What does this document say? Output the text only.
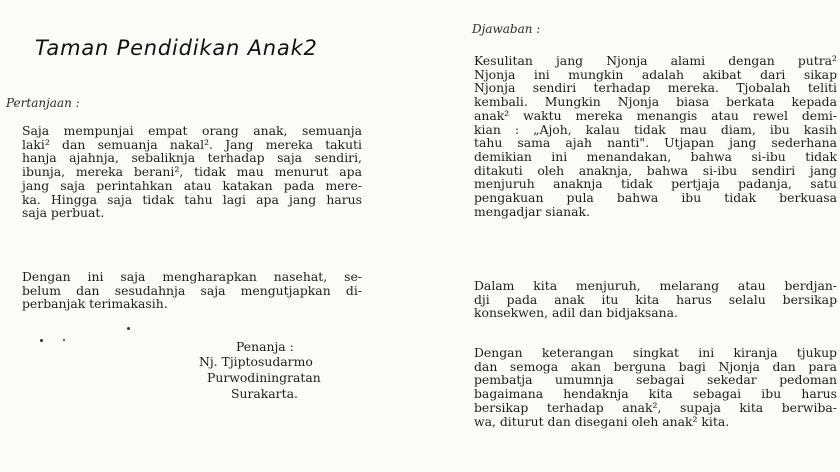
Taman Pendidikan Anak2
Pertanjaan :
Saja mempunjai empat orang anak, semuanja
laki² dan semuanja nakal². Jang mereka takuti
hanja ajahnja, sebaliknja terhadap saja sendiri,
ibunja, mereka berani², tidak mau menurut apa
jang saja perintahkan atau katakan pada mere-
ka. Hingga saja tidak tahu lagi apa jang harus
saja perbuat.
Dengan ini saja mengharapkan nasehat, se-
belum dan sesudahnja saja mengutjapkan di-
perbanjak terimakasih.
Penanja :
Nj. Tjiptosudarmo
Purwodiningratan
Surakarta.
Djawaban :
Kesulitan jang Njonja alami dengan putra²
Njonja ini mungkin adalah akibat dari sikap
Njonja sendiri terhadap mereka. Tjobalah teliti
kembali. Mungkin Njonja biasa berkata kepada
anak² waktu mereka menangis atau rewel demi-
kian : „Ajoh, kalau tidak mau diam, ibu kasih
tahu sama ajah nanti". Utjapan jang sederhana
demikian ini menandakan, bahwa si-ibu tidak
ditakuti oleh anaknja, bahwa si-ibu sendiri jang
menjuruh anaknja tidak pertjaja padanja, satu
pengakuan pula bahwa ibu tidak berkuasa
mengadjar sianak.
Dalam kita menjuruh, melarang atau berdjan-
dji pada anak itu kita harus selalu bersikap
konsekwen, adil dan bidjaksana.
Dengan keterangan singkat ini kiranja tjukup
dan semoga akan berguna bagi Njonja dan para
pembatja umumnja sebagai sekedar pedoman
bagaimana hendaknja kita sebagai ibu harus
bersikap terhadap anak², supaja kita berwiba-
wa, diturut dan disegani oleh anak² kita.
